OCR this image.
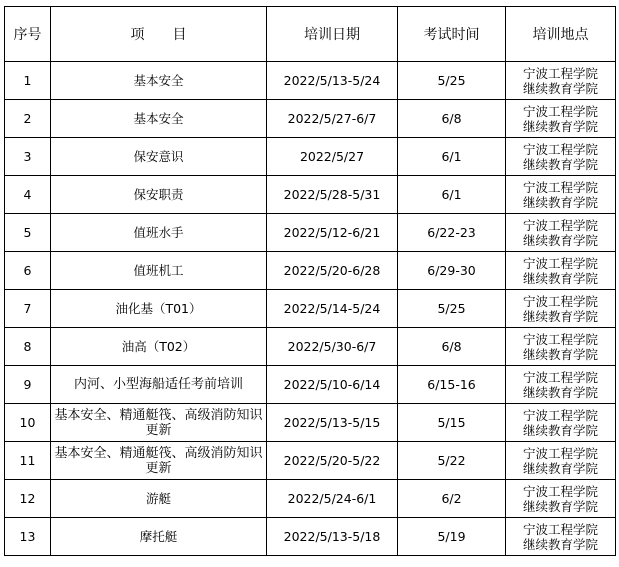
序号	项　　目	培训日期	考试时间	培训地点
1	基本安全	2022/5/13-5/24	5/25	宁波工程学院
继续教育学院

2	基本安全	2022/5/27-6/7	6/8	宁波工程学院
继续教育学院

3	保安意识	2022/5/27	6/1	宁波工程学院
继续教育学院

4	保安职责	2022/5/28-5/31	6/1	宁波工程学院
继续教育学院

5	值班水手	2022/5/12-6/21	6/22-23	宁波工程学院
继续教育学院

6	值班机工	2022/5/20-6/28	6/29-30	宁波工程学院
继续教育学院

7	油化基（T01）	2022/5/14-5/24	5/25	宁波工程学院
继续教育学院

8	油高（T02）	2022/5/30-6/7	6/8	宁波工程学院
继续教育学院

9	内河、小型海船适任考前培训	2022/5/10-6/14	6/15-16	宁波工程学院
继续教育学院

10	基本安全、精通艇筏、高级消防知识更新	2022/5/13-5/15	5/15	宁波工程学院
继续教育学院

11	基本安全、精通艇筏、高级消防知识更新	2022/5/20-5/22	5/22	宁波工程学院
继续教育学院

12	游艇	2022/5/24-6/1	6/2	宁波工程学院
继续教育学院

13	摩托艇	2022/5/13-5/18	5/19	宁波工程学院
继续教育学院
